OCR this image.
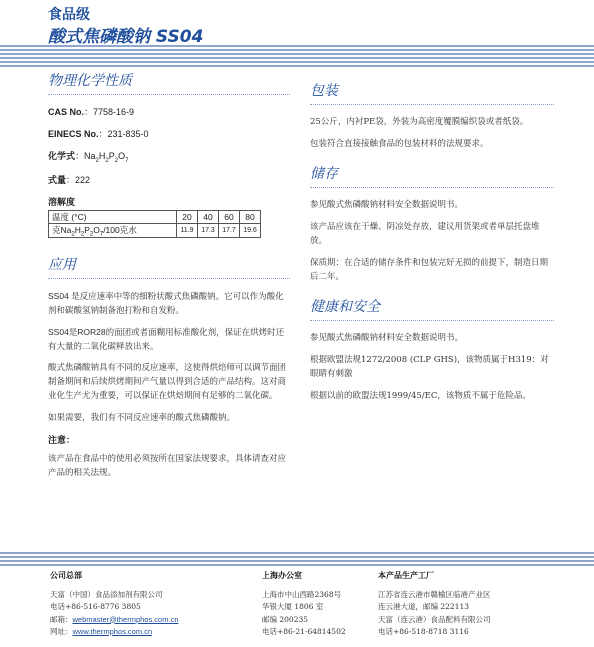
食品级
酸式焦磷酸钠 SS04
物理化学性质
CAS No.：7758-16-9
EINECS No.：231-835-0
化学式：$Na_2H_2P_2O_7$
式量：222
溶解度
温度 (°C)	20	40	60	80
克$Na_2H_2P_2O_7/100$克水	11.9	17.3	17.7	19.6
应用
SS04 是反应速率中等的细粉状酸式焦磷酸钠。它可以作为酸化剂和碳酸氢钠制备泡打粉和自发粉。
SS04是ROR28的面团或者面糊用标准酸化剂，保证在烘烤时还有大量的二氧化碳释放出来。
酸式焦磷酸钠具有不同的反应速率，这使得烘焙师可以调节面团制备期间和后续烘烤期间产气量以得到合适的产品结构。这对商业化生产尤为重要，可以保证在烘焙期间有足够的二氧化碳。
如果需要，我们有不同反应速率的酸式焦磷酸钠。
注意：
该产品在食品中的使用必须按所在国家法规要求，具体请查对应产品的相关法规。
包装
25公斤，内衬PE袋，外装为高密度覆膜编织袋或者纸袋。
包装符合直接接触食品的包装材料的法规要求。
储存
参见酸式焦磷酸钠材料安全数据说明书。
该产品应该在干燥、阴凉处存放，建议用货架或者单层托盘堆放。
保质期：在合适的储存条件和包装完好无损的前提下，制造日期后二年。
健康和安全
参见酸式焦磷酸钠材料安全数据说明书。
根据欧盟法规1272/2008 (CLP GHS)，该物质属于H319：对眼睛有刺激
根据以前的欧盟法规1999/45/EC，该物质不属于危险品。
公司总部
天富（中国）食品添加剂有限公司
电话+86-516-8776 3805
邮箱：webmaster@thermphos.com.cn
网址：www.thermphos.com.cn
上海办公室
上海市中山西路2368号
华银大厦 1806 室
邮编 200235
电话+86-21-64814502
本产品生产工厂
江苏省连云港市赣榆区临港产业区
连云港大道，邮编 222113
天富（连云港）食品配料有限公司
电话+86-518-8718 3116
